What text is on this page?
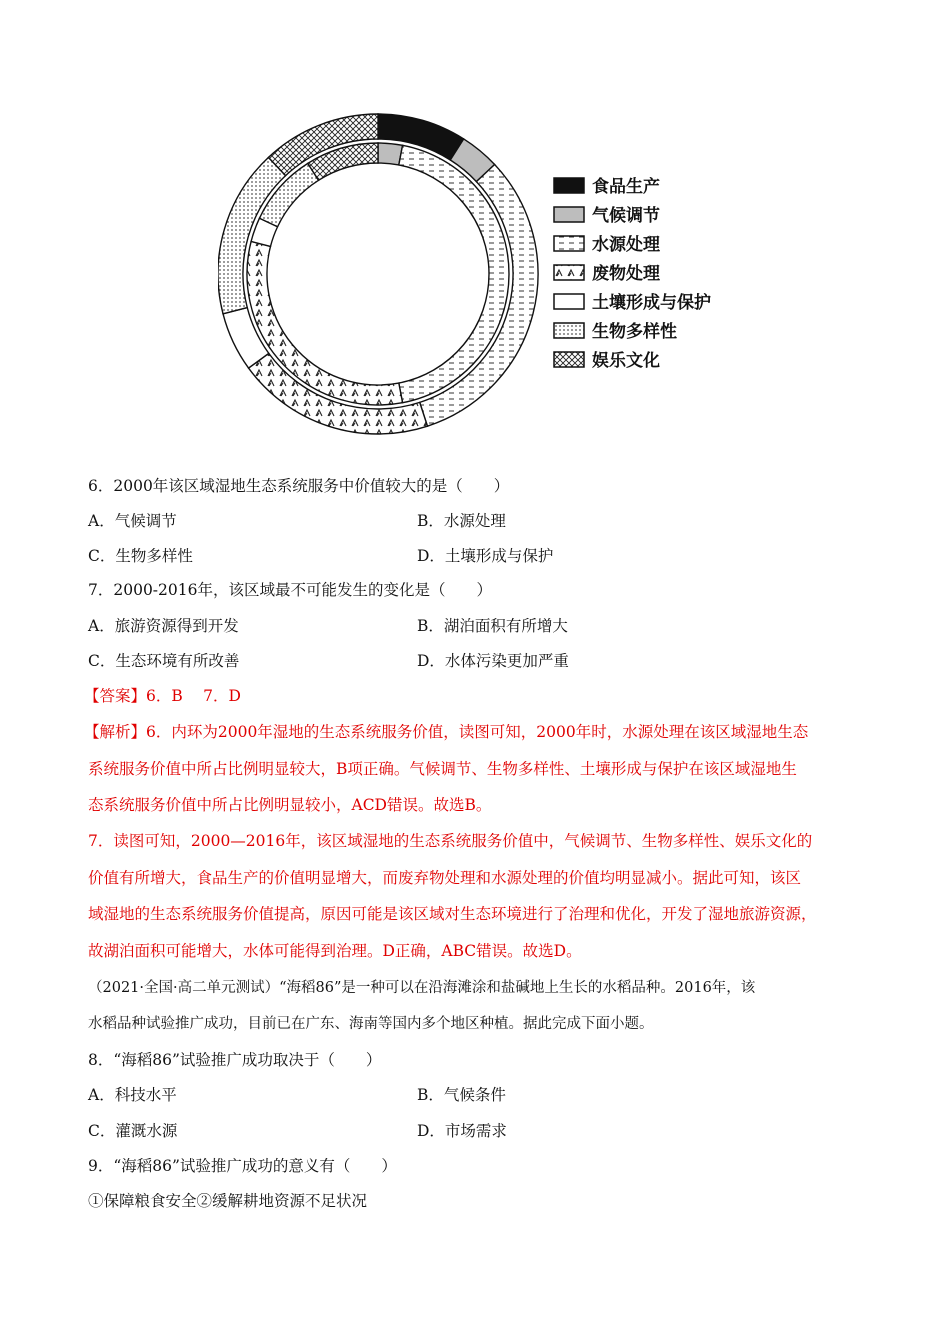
食品生产
气候调节
水源处理
废物处理
土壤形成与保护
生物多样性
娱乐文化
6．2000年该区域湿地生态系统服务中价值较大的是（　　）
A．气候调节	B．水源处理
C．生物多样性	D．土壤形成与保护
7．2000-2016年，该区域最不可能发生的变化是（　　）
A．旅游资源得到开发	B．湖泊面积有所增大
C．生态环境有所改善	D．水体污染更加严重
【答案】6．B　 7．D
【解析】6．内环为2000年湿地的生态系统服务价值，读图可知，2000年时，水源处理在该区域湿地生态
系统服务价值中所占比例明显较大，B项正确。气候调节、生物多样性、土壤形成与保护在该区域湿地生
态系统服务价值中所占比例明显较小，ACD错误。故选B。
7．读图可知，2000—2016年，该区域湿地的生态系统服务价值中，气候调节、生物多样性、娱乐文化的
价值有所增大，食品生产的价值明显增大，而废弃物处理和水源处理的价值均明显减小。据此可知，该区
域湿地的生态系统服务价值提高，原因可能是该区域对生态环境进行了治理和优化，开发了湿地旅游资源，
故湖泊面积可能增大，水体可能得到治理。D正确，ABC错误。故选D。
（2021·全国·高二单元测试）“海稻86”是一种可以在沿海滩涂和盐碱地上生长的水稻品种。2016年，该
水稻品种试验推广成功，目前已在广东、海南等国内多个地区种植。据此完成下面小题。
8．“海稻86”试验推广成功取决于（　　）
A．科技水平	B．气候条件
C．灌溉水源	D．市场需求
9．“海稻86”试验推广成功的意义有（　　）
①保障粮食安全②缓解耕地资源不足状况
